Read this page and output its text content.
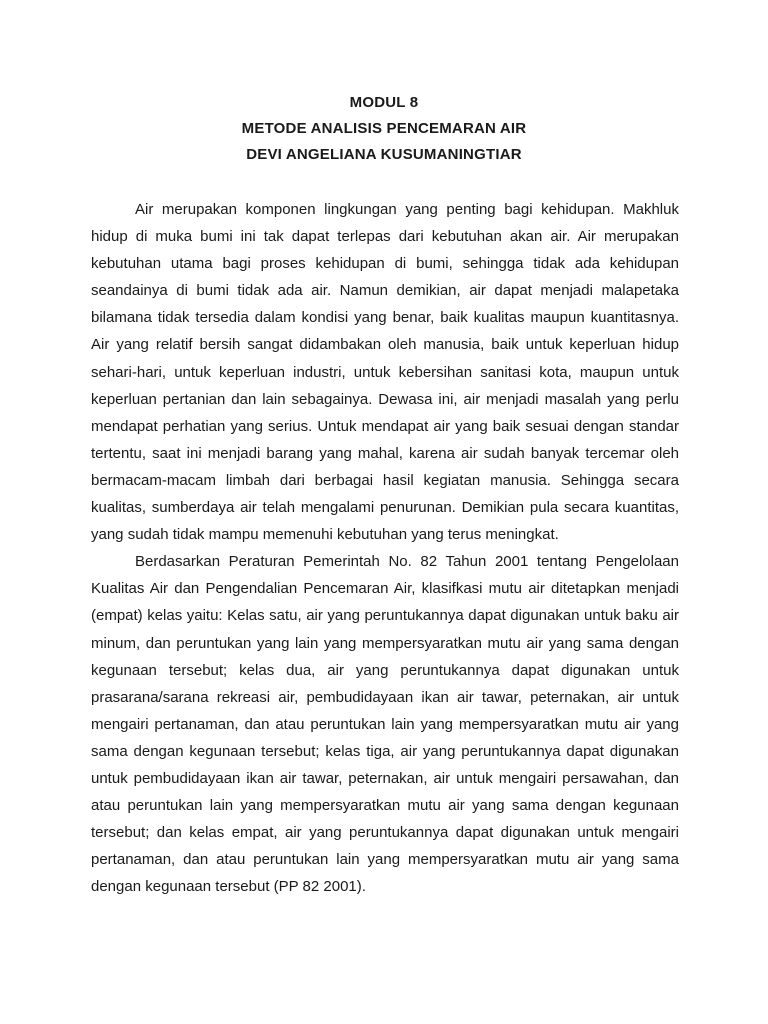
MODUL 8
METODE ANALISIS PENCEMARAN AIR
DEVI ANGELIANA KUSUMANINGTIAR

Air merupakan komponen lingkungan yang penting bagi kehidupan. Makhluk hidup di muka bumi ini tak dapat terlepas dari kebutuhan akan air. Air merupakan kebutuhan utama bagi proses kehidupan di bumi, sehingga tidak ada kehidupan seandainya di bumi tidak ada air. Namun demikian, air dapat menjadi malapetaka bilamana tidak tersedia dalam kondisi yang benar, baik kualitas maupun kuantitasnya. Air yang relatif bersih sangat didambakan oleh manusia, baik untuk keperluan hidup sehari-hari, untuk keperluan industri, untuk kebersihan sanitasi kota, maupun untuk keperluan pertanian dan lain sebagainya. Dewasa ini, air menjadi masalah yang perlu mendapat perhatian yang serius. Untuk mendapat air yang baik sesuai dengan standar tertentu, saat ini menjadi barang yang mahal, karena air sudah banyak tercemar oleh bermacam-macam limbah dari berbagai hasil kegiatan manusia. Sehingga secara kualitas, sumberdaya air telah mengalami penurunan. Demikian pula secara kuantitas, yang sudah tidak mampu memenuhi kebutuhan yang terus meningkat.

Berdasarkan Peraturan Pemerintah No. 82 Tahun 2001 tentang Pengelolaan Kualitas Air dan Pengendalian Pencemaran Air, klasifkasi mutu air ditetapkan menjadi (empat) kelas yaitu: Kelas satu, air yang peruntukannya dapat digunakan untuk baku air minum, dan peruntukan yang lain yang mempersyaratkan mutu air yang sama dengan kegunaan tersebut; kelas dua, air yang peruntukannya dapat digunakan untuk prasarana/sarana rekreasi air, pembudidayaan ikan air tawar, peternakan, air untuk mengairi pertanaman, dan atau peruntukan lain yang mempersyaratkan mutu air yang sama dengan kegunaan tersebut; kelas tiga, air yang peruntukannya dapat digunakan untuk pembudidayaan ikan air tawar, peternakan, air untuk mengairi persawahan, dan atau peruntukan lain yang mempersyaratkan mutu air yang sama dengan kegunaan tersebut; dan kelas empat, air yang peruntukannya dapat digunakan untuk mengairi pertanaman, dan atau peruntukan lain yang mempersyaratkan mutu air yang sama dengan kegunaan tersebut (PP 82 2001).
